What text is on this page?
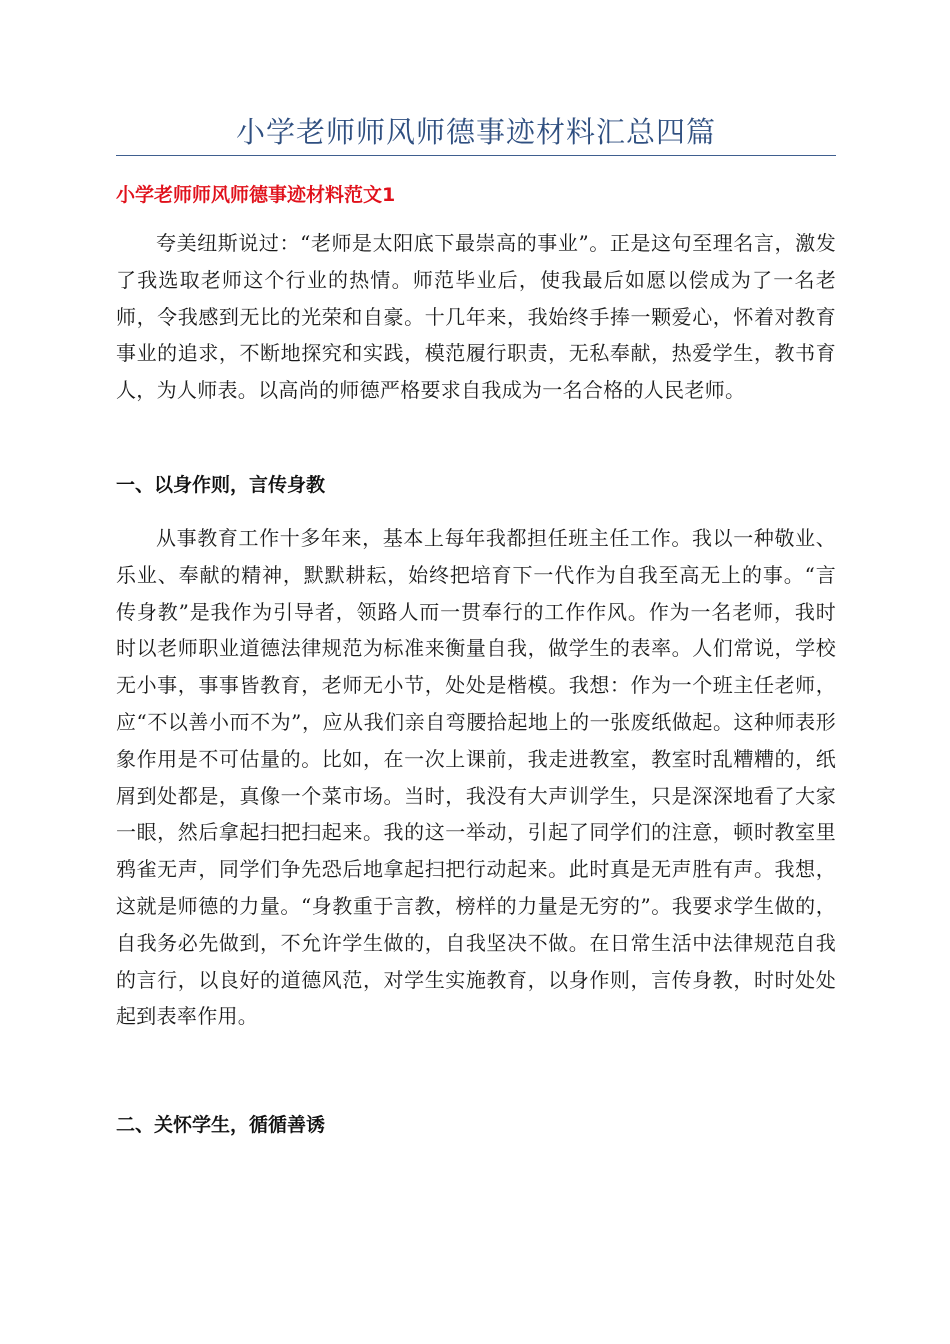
小学老师师风师德事迹材料汇总四篇
小学老师师风师德事迹材料范文1

夸美纽斯说过：“老师是太阳底下最崇高的事业”。正是这句至理名言，激发了我选取老师这个行业的热情。师范毕业后，使我最后如愿以偿成为了一名老师，令我感到无比的光荣和自豪。十几年来，我始终手捧一颗爱心，怀着对教育事业的追求，不断地探究和实践，模范履行职责，无私奉献，热爱学生，教书育人，为人师表。以高尚的师德严格要求自我成为一名合格的人民老师。

一、以身作则，言传身教

从事教育工作十多年来，基本上每年我都担任班主任工作。我以一种敬业、乐业、奉献的精神，默默耕耘，始终把培育下一代作为自我至高无上的事。“言传身教”是我作为引导者，领路人而一贯奉行的工作作风。作为一名老师，我时时以老师职业道德法律规范为标准来衡量自我，做学生的表率。人们常说，学校无小事，事事皆教育，老师无小节，处处是楷模。我想：作为一个班主任老师，应“不以善小而不为”，应从我们亲自弯腰拾起地上的一张废纸做起。这种师表形象作用是不可估量的。比如，在一次上课前，我走进教室，教室时乱糟糟的，纸屑到处都是，真像一个菜市场。当时，我没有大声训学生，只是深深地看了大家一眼，然后拿起扫把扫起来。我的这一举动，引起了同学们的注意，顿时教室里鸦雀无声，同学们争先恐后地拿起扫把行动起来。此时真是无声胜有声。我想，这就是师德的力量。“身教重于言教，榜样的力量是无穷的”。我要求学生做的，自我务必先做到，不允许学生做的，自我坚决不做。在日常生活中法律规范自我的言行，以良好的道德风范，对学生实施教育，以身作则，言传身教，时时处处起到表率作用。

二、关怀学生，循循善诱
